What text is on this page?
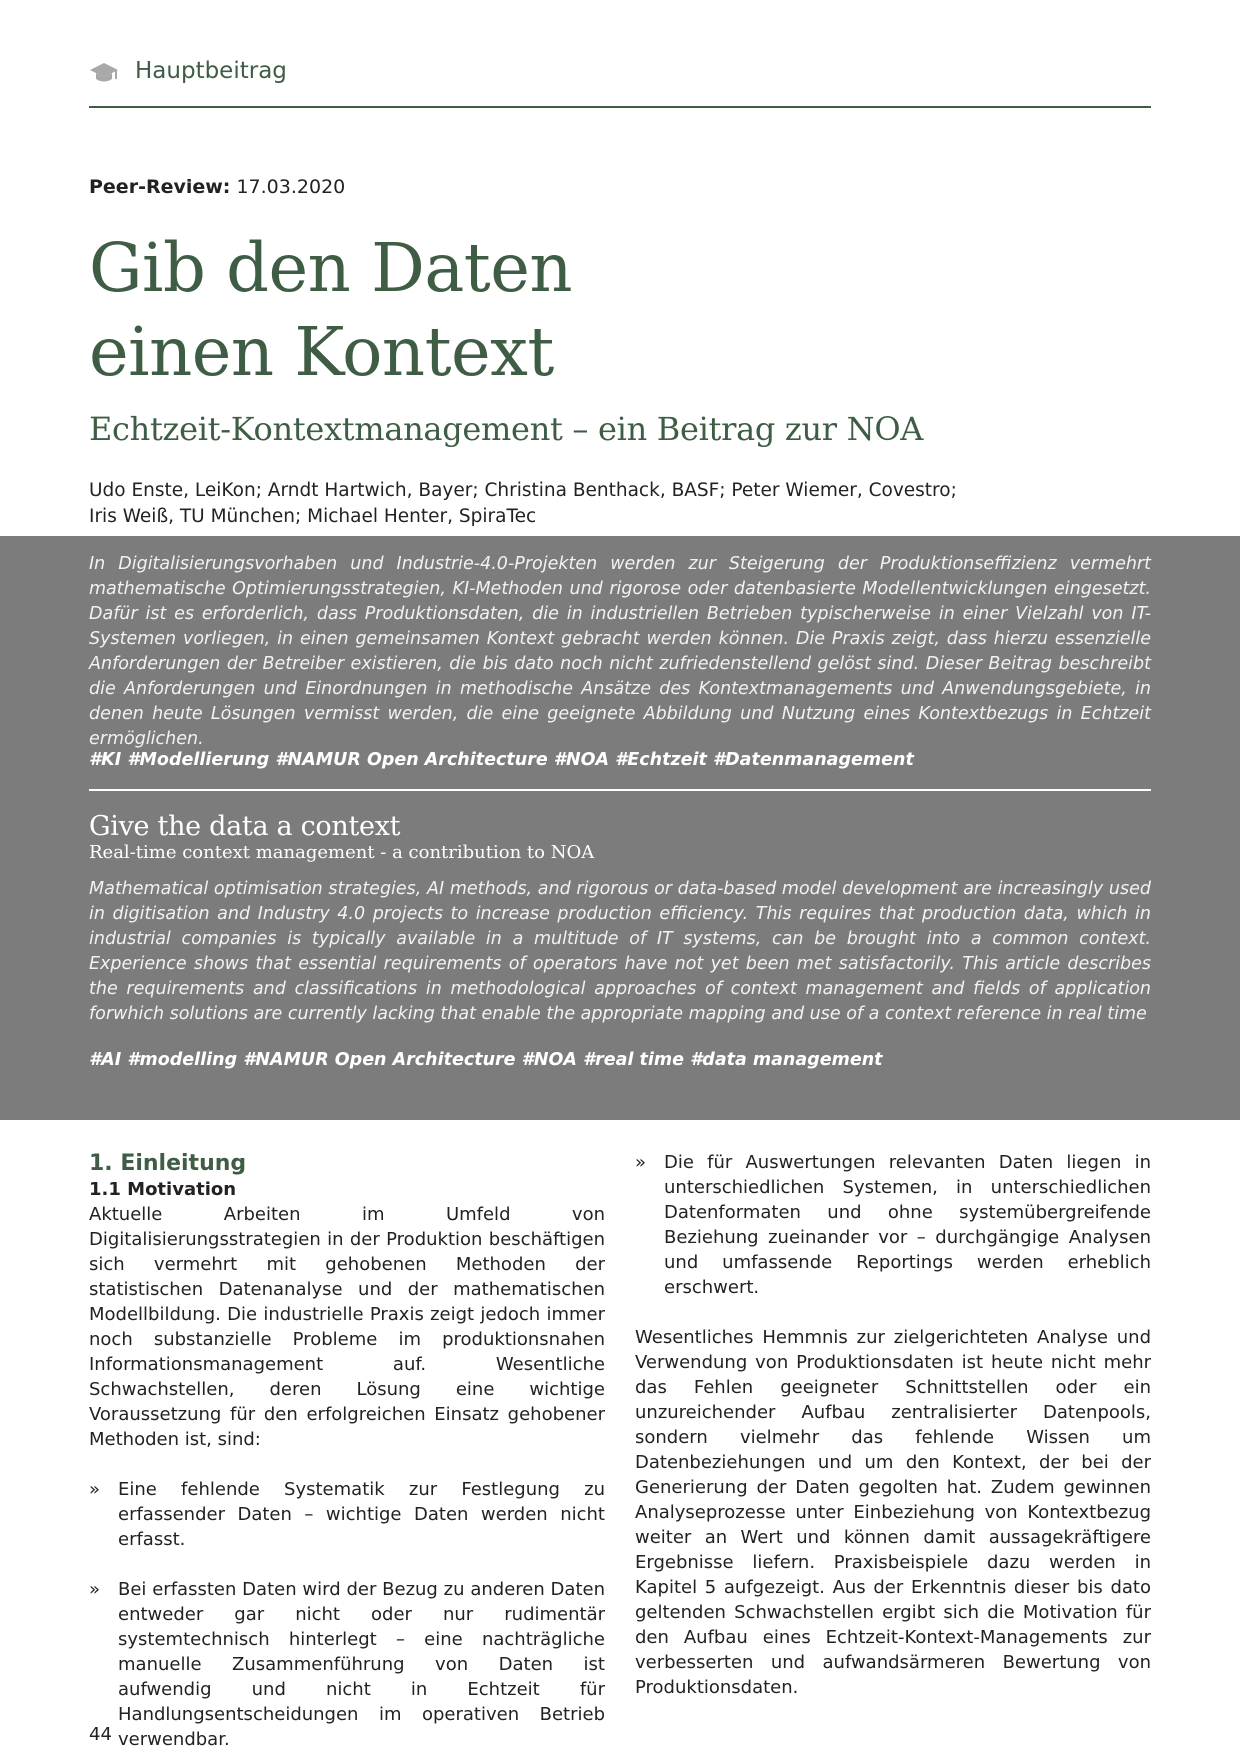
Hauptbeitrag
Peer-Review: 17.03.2020
Gib den Daten
einen Kontext
Echtzeit-Kontextmanagement – ein Beitrag zur NOA
Udo Enste, LeiKon; Arndt Hartwich, Bayer; Christina Benthack, BASF; Peter Wiemer, Covestro;
Iris Weiß, TU München; Michael Henter, SpiraTec
In Digitalisierungsvorhaben und Industrie-4.0-Projekten werden zur Steigerung der Produktionseffizienz vermehrt mathematische Optimierungsstrategien, KI-Methoden und rigorose oder datenbasierte Modellentwicklungen eingesetzt. Dafür ist es erforderlich, dass Produktionsdaten, die in industriellen Betrieben typischerweise in einer Vielzahl von IT-Systemen vorliegen, in einen gemeinsamen Kontext gebracht werden können. Die Praxis zeigt, dass hierzu essenzielle Anforderungen der Betreiber existieren, die bis dato noch nicht zufriedenstellend gelöst sind. Dieser Beitrag beschreibt die Anforderungen und Einordnungen in methodische Ansätze des Kontextmanagements und Anwendungsgebiete, in denen heute Lösungen vermisst werden, die eine geeignete Abbildung und Nutzung eines Kontextbezugs in Echtzeit ermöglichen.
#KI #Modellierung #NAMUR Open Architecture #NOA #Echtzeit #Datenmanagement
Give the data a context
Real-time context management - a contribution to NOA
Mathematical optimisation strategies, AI methods, and rigorous or data-based model development are increasingly used in digitisation and Industry 4.0 projects to increase production efficiency. This requires that production data, which in industrial companies is typically available in a multitude of IT systems, can be brought into a common context. Experience shows that essential requirements of operators have not yet been met satisfactorily. This article describes the requirements and classifications in methodological approaches of context management and fields of application forwhich solutions are currently lacking that enable the appropriate mapping and use of a context reference in real time
#AI #modelling #NAMUR Open Architecture #NOA #real time #data management
1. Einleitung
1.1 Motivation

Aktuelle Arbeiten im Umfeld von Digitalisierungsstrategien in der Produktion beschäftigen sich vermehrt mit gehobenen Methoden der statistischen Datenanalyse und der mathematischen Modellbildung. Die industrielle Praxis zeigt jedoch immer noch substanzielle Probleme im produktionsnahen Informationsmanagement auf. Wesentliche Schwachstellen, deren Lösung eine wichtige Voraussetzung für den erfolgreichen Einsatz gehobener Methoden ist, sind:

» Eine fehlende Systematik zur Festlegung zu erfassender Daten – wichtige Daten werden nicht erfasst.
» Bei erfassten Daten wird der Bezug zu anderen Daten entweder gar nicht oder nur rudimentär systemtechnisch hinterlegt – eine nachträgliche manuelle Zusammenführung von Daten ist aufwendig und nicht in Echtzeit für Handlungsentscheidungen im operativen Betrieb verwendbar.
» Die für Auswertungen relevanten Daten liegen in unterschiedlichen Systemen, in unterschiedlichen Datenformaten und ohne systemübergreifende Beziehung zueinander vor – durchgängige Analysen und umfassende Reportings werden erheblich erschwert.

Wesentliches Hemmnis zur zielgerichteten Analyse und Verwendung von Produktionsdaten ist heute nicht mehr das Fehlen geeigneter Schnittstellen oder ein unzureichender Aufbau zentralisierter Datenpools, sondern vielmehr das fehlende Wissen um Datenbeziehungen und um den Kontext, der bei der Generierung der Daten gegolten hat. Zudem gewinnen Analyseprozesse unter Einbeziehung von Kontextbezug weiter an Wert und können damit aussagekräftigere Ergebnisse liefern. Praxisbeispiele dazu werden in Kapitel 5 aufgezeigt. Aus der Erkenntnis dieser bis dato geltenden Schwachstellen ergibt sich die Motivation für den Aufbau eines Echtzeit-Kontext-Managements zur verbesserten und aufwandsärmeren Bewertung von Produktionsdaten.

44
